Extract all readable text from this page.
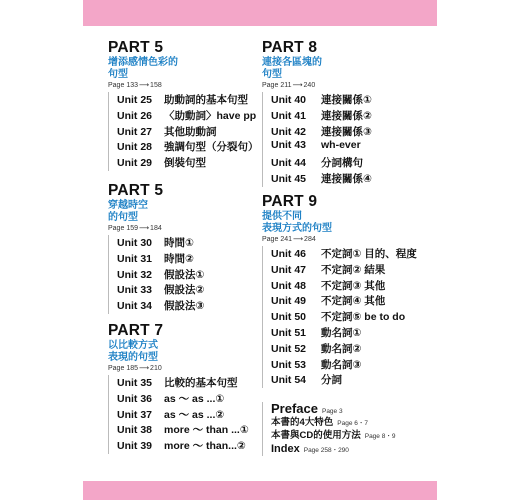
PART 5
增添感情色彩的
句型
Page 133⟶158
Unit 25	助動詞的基本句型
Unit 26	〈助動詞〉have pp
Unit 27	其他助動詞
Unit 28	強調句型（分裂句）
Unit 29	倒裝句型
PART 5
穿越時空
的句型
Page 159⟶184
Unit 30	時間①
Unit 31	時間②
Unit 32	假設法①
Unit 33	假設法②
Unit 34	假設法③
PART 7
以比較方式
表現的句型
Page 185⟶210
Unit 35	比較的基本句型
Unit 36	as ～ as ...①
Unit 37	as ～ as ...②
Unit 38	more ～ than ...①
Unit 39	more ～ than...②
PART 8
連接各區塊的
句型
Page 211⟶240
Unit 40	連接關係①
Unit 41	連接關係②
Unit 42	連接關係③
Unit 43	wh-ever
Unit 44	分詞構句
Unit 45	連接關係④
PART 9
提供不同
表現方式的句型
Page 241⟶284
Unit 46	不定詞① 目的、程度
Unit 47	不定詞② 結果
Unit 48	不定詞③ 其他
Unit 49	不定詞④ 其他
Unit 50	不定詞⑤ be to do
Unit 51	動名詞①
Unit 52	動名詞②
Unit 53	動名詞③
Unit 54	分詞
Preface Page 3
本書的4大特色 Page 6・7
本書與CD的使用方法 Page 8・9
Index Page 258・290
